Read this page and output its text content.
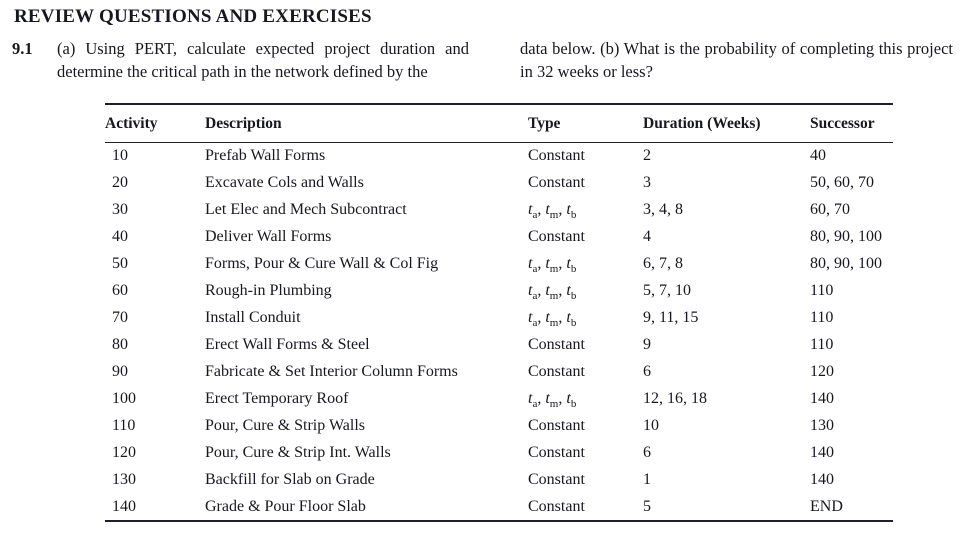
REVIEW QUESTIONS AND EXERCISES
9.1 (a) Using PERT, calculate expected project duration and determine the critical path in the network defined by the

data below. (b) What is the probability of completing this project in 32 weeks or less?

Activity	Description	Type	Duration (Weeks)	Successor
10	Prefab Wall Forms	Constant	2	40
20	Excavate Cols and Walls	Constant	3	50, 60, 70
30	Let Elec and Mech Subcontract	$t_a$, $t_m$, $t_b$	3, 4, 8	60, 70
40	Deliver Wall Forms	Constant	4	80, 90, 100
50	Forms, Pour & Cure Wall & Col Fig	$t_a$, $t_m$, $t_b$	6, 7, 8	80, 90, 100
60	Rough-in Plumbing	$t_a$, $t_m$, $t_b$	5, 7, 10	110
70	Install Conduit	$t_a$, $t_m$, $t_b$	9, 11, 15	110
80	Erect Wall Forms & Steel	Constant	9	110
90	Fabricate & Set Interior Column Forms	Constant	6	120
100	Erect Temporary Roof	$t_a$, $t_m$, $t_b$	12, 16, 18	140
110	Pour, Cure & Strip Walls	Constant	10	130
120	Pour, Cure & Strip Int. Walls	Constant	6	140
130	Backfill for Slab on Grade	Constant	1	140
140	Grade & Pour Floor Slab	Constant	5	END
